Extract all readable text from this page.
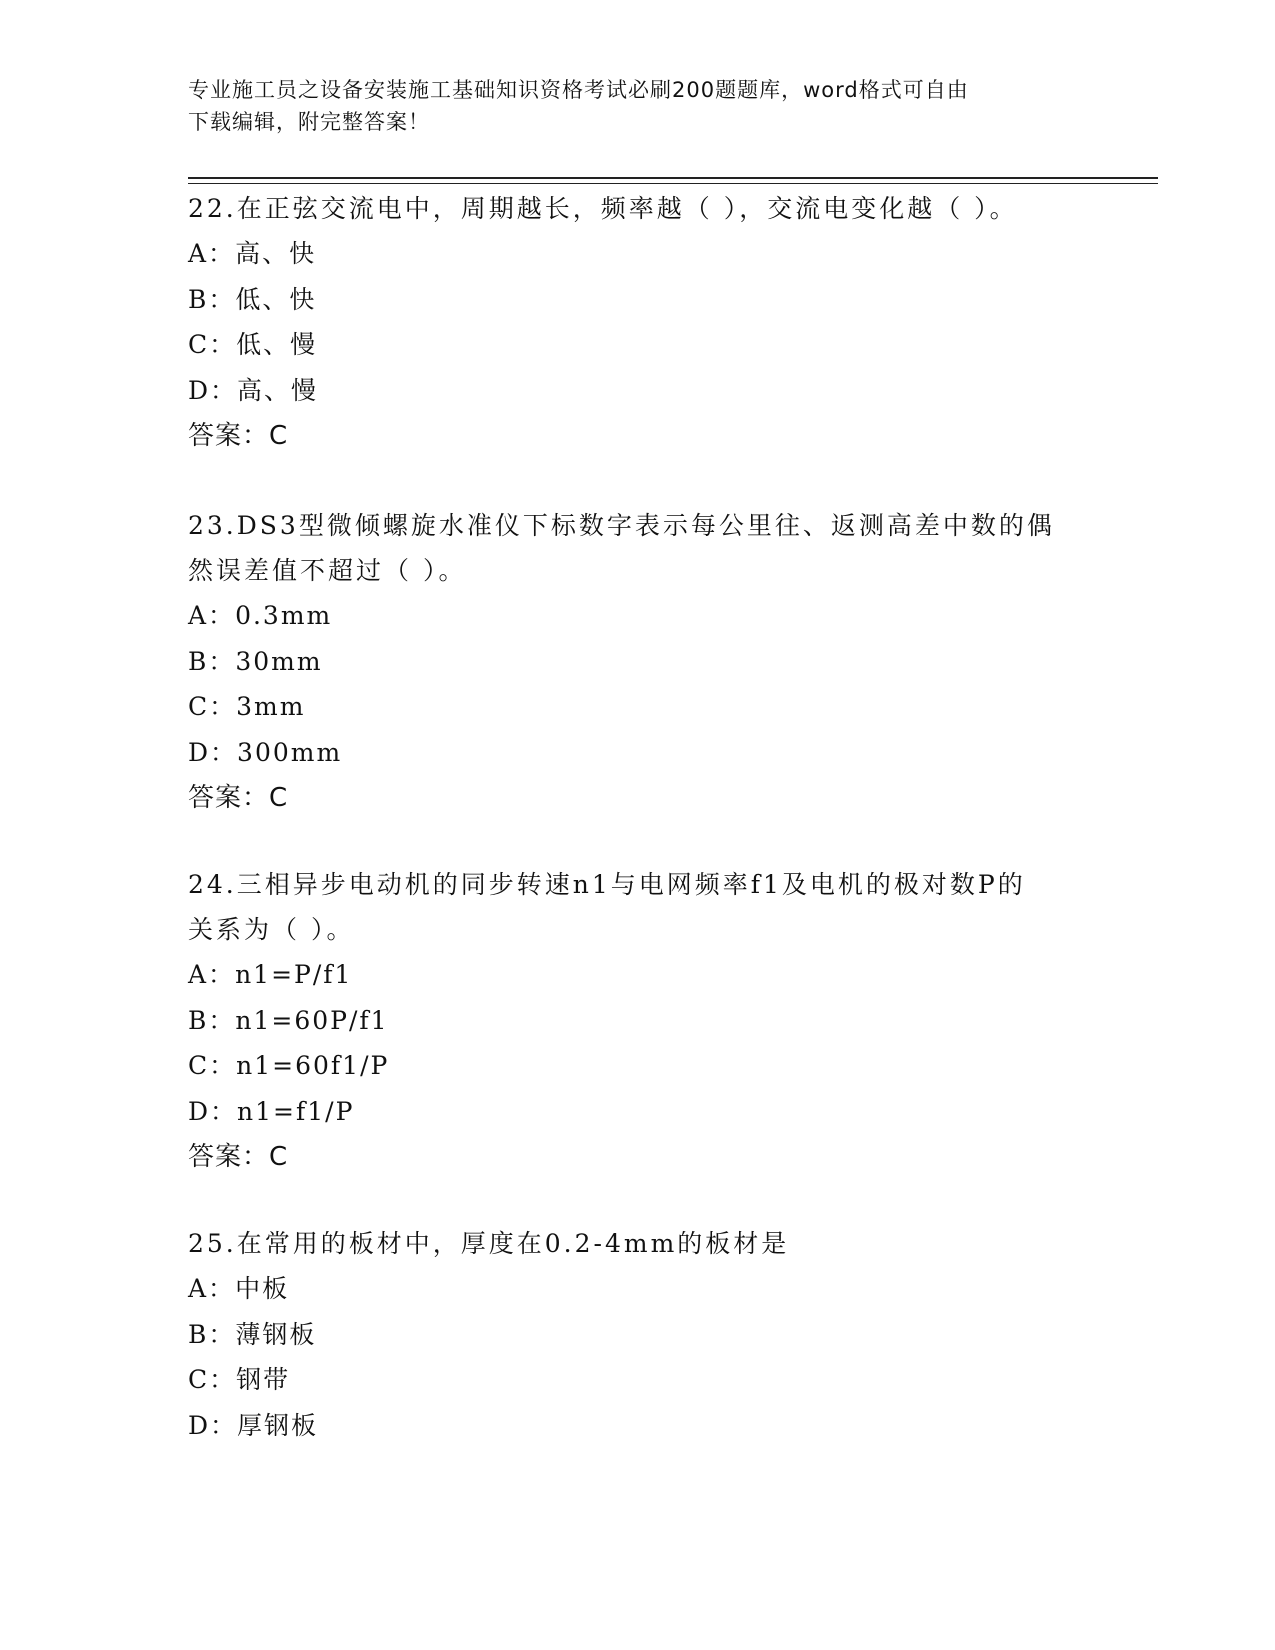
专业施工员之设备安装施工基础知识资格考试必刷200题题库，word格式可自由
下载编辑，附完整答案！

22.在正弦交流电中，周期越长，频率越（ ），交流电变化越（ ）。

A：高、快

B：低、快

C：低、慢

D：高、慢

答案：C

23.DS3型微倾螺旋水准仪下标数字表示每公里往、返测高差中数的偶

然误差值不超过（ ）。

A：0.3mm

B：30mm

C：3mm

D：300mm

答案：C

24.三相异步电动机的同步转速n1与电网频率f1及电机的极对数P的

关系为（ ）。

A：n1=P/f1

B：n1=60P/f1

C：n1=60f1/P

D：n1=f1/P

答案：C

25.在常用的板材中，厚度在0.2-4mm的板材是

A：中板

B：薄钢板

C：钢带

D：厚钢板
